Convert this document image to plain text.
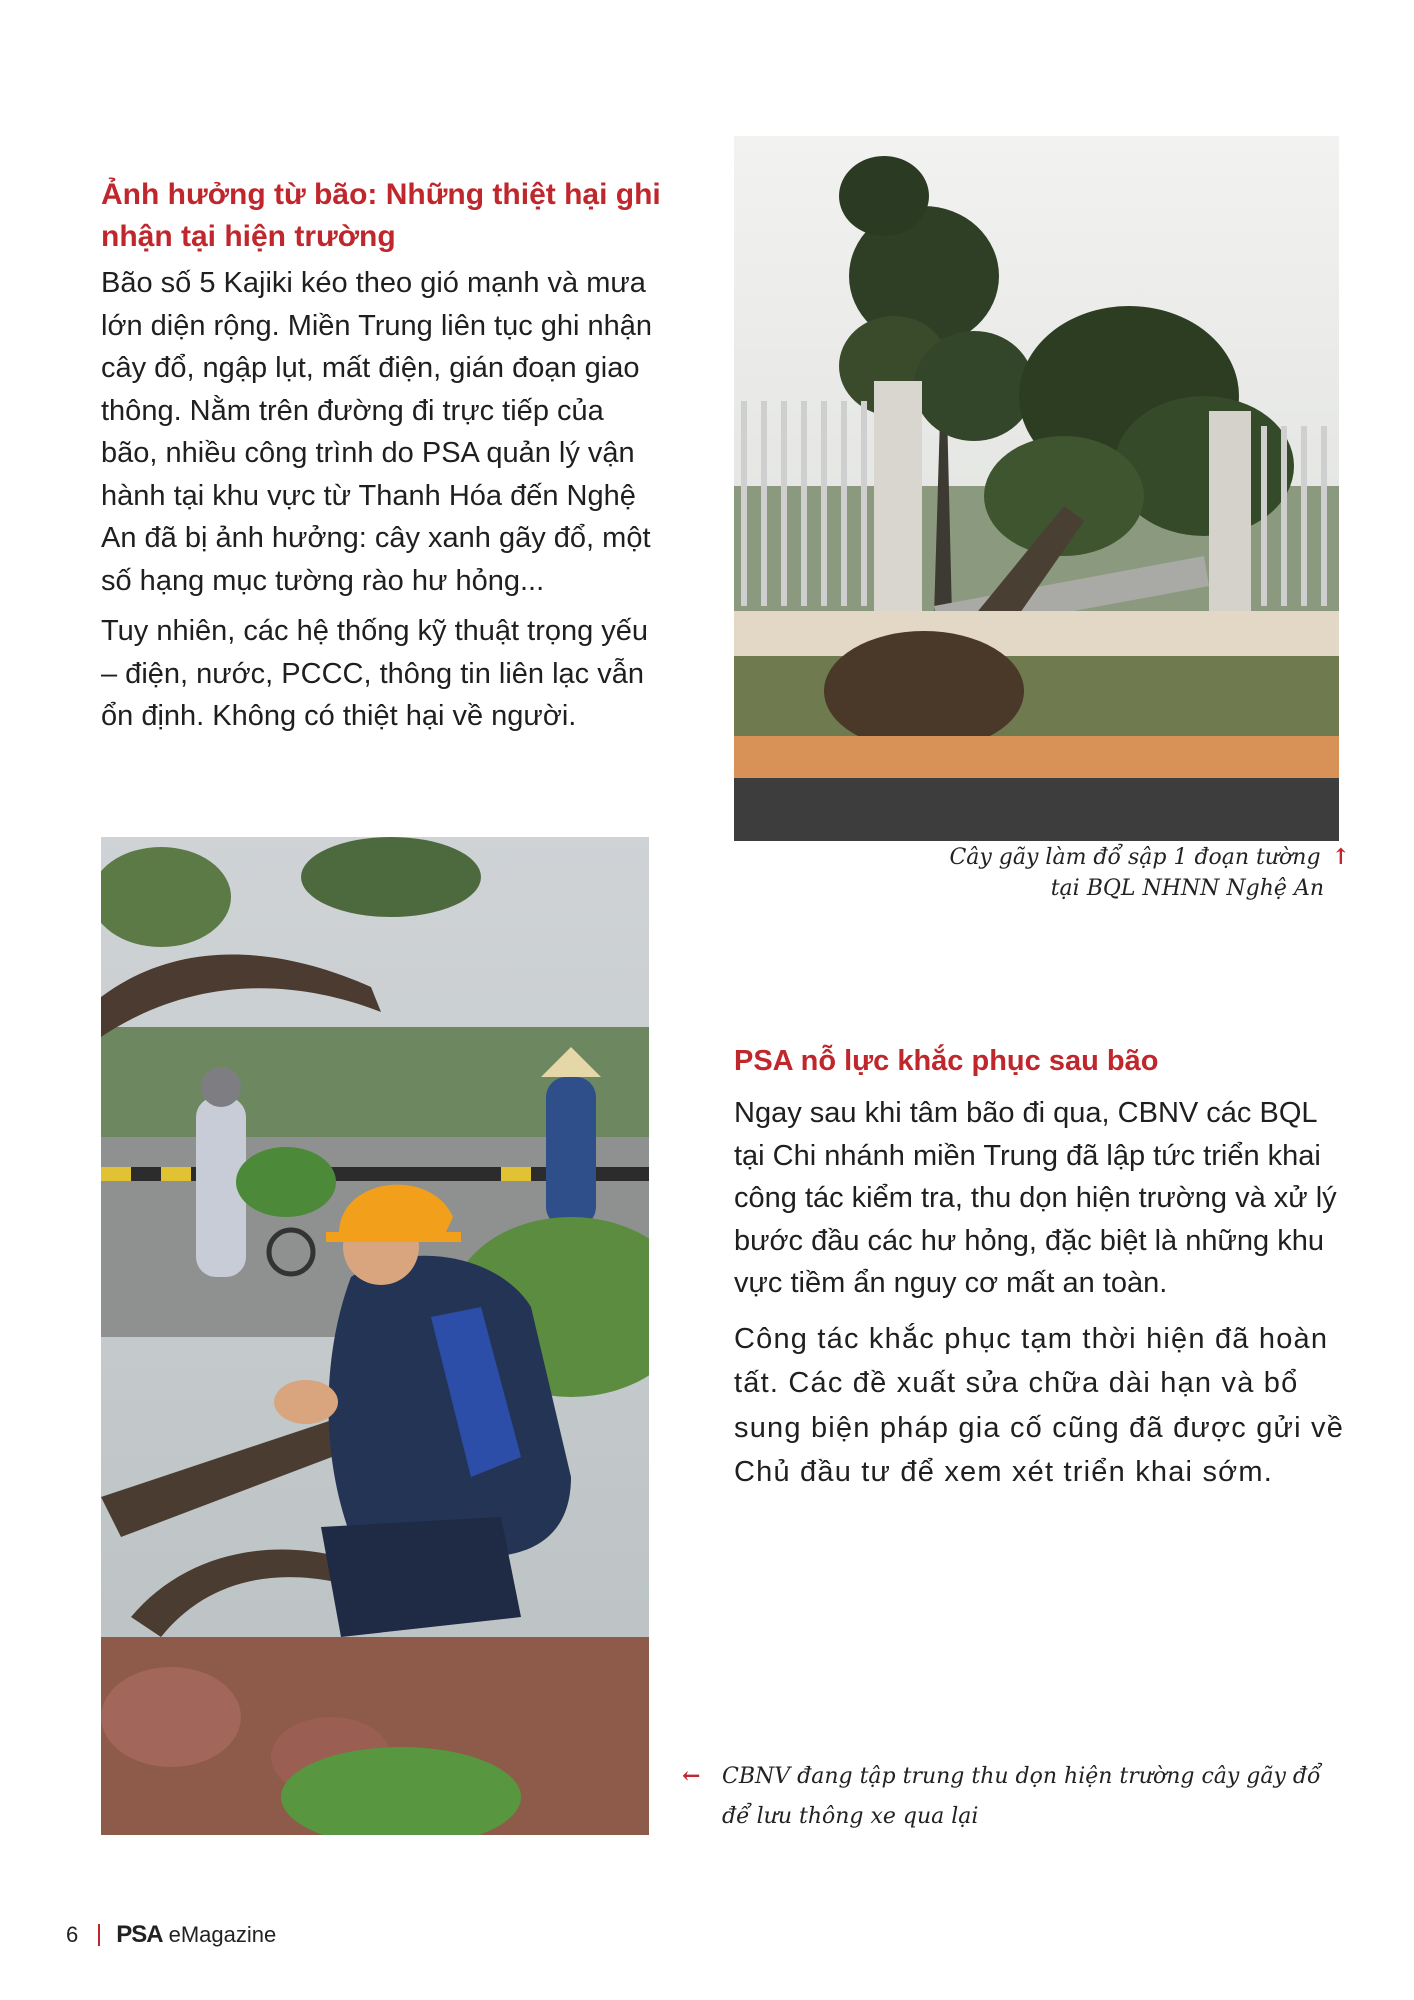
Ảnh hưởng từ bão: Những thiệt hại ghi nhận tại hiện trường

Bão số 5 Kajiki kéo theo gió mạnh và mưa lớn diện rộng. Miền Trung liên tục ghi nhận cây đổ, ngập lụt, mất điện, gián đoạn giao thông. Nằm trên đường đi trực tiếp của bão, nhiều công trình do PSA quản lý vận hành tại khu vực từ Thanh Hóa đến Nghệ An đã bị ảnh hưởng: cây xanh gãy đổ, một số hạng mục tường rào hư hỏng...

Tuy nhiên, các hệ thống kỹ thuật trọng yếu – điện, nước, PCCC, thông tin liên lạc vẫn ổn định. Không có thiệt hại về người.

Cây gãy làm đổ sập 1 đoạn tường ↑
tại BQL NHNN Nghệ An
PSA nỗ lực khắc phục sau bão

Ngay sau khi tâm bão đi qua, CBNV các BQL tại Chi nhánh miền Trung đã lập tức triển khai công tác kiểm tra, thu dọn hiện trường và xử lý bước đầu các hư hỏng, đặc biệt là những khu vực tiềm ẩn nguy cơ mất an toàn.

Công tác khắc phục tạm thời hiện đã hoàn tất. Các đề xuất sửa chữa dài hạn và bổ sung biện pháp gia cố cũng đã được gửi về Chủ đầu tư để xem xét triển khai sớm.

← CBNV đang tập trung thu dọn hiện trường cây gãy đổ
để lưu thông xe qua lại
6 PSA eMagazine
